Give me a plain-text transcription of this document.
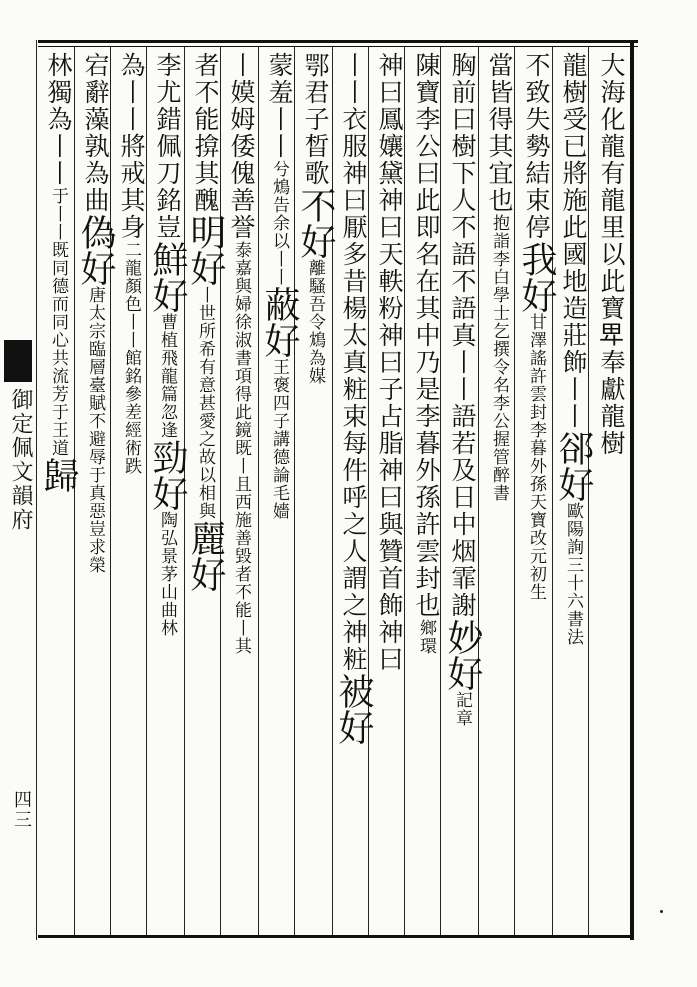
御定佩文韻府
四三
大海化龍有龍里以此寶𤰞奉獻龍樹
龍樹受已將施此國地造莊飾丨丨郤好歐陽詢三十六書法
不致失勢結束停我好甘澤謠許雲封李暮外孫天寶改元初生
當皆得其宜也抱詣李白學士乞撰令名李公握管醉書
胸前曰樹下人不語不語真丨丨語若及日中烟霏謝妙好記章
陳寶李公曰此即名在其中乃是李暮外孫許雲封也鄉環
神曰鳳孃黛神曰天軼粉神曰子占脂神曰與贊首飾神曰
丨丨衣服神曰厭多昔楊太真粧束每件呼之人謂之神粧被好
鄂君子晳歌不好離騷吾令鴆為媒
蒙羞丨丨兮鴆告余以丨丨蔽好王褒四子講德論毛嬙
丨嫫姆倭傀善誉泰嘉與婦徐淑書項得此鏡既丨且西施善毀者不能丨其
者不能揜其醜明好丨世所希有意甚愛之故以相與麗好
李尤錯佩刀銘豈鮮好曹植飛龍篇忽逢勁好陶弘景茅山曲林
為丨丨將戒其身二龍顏色丨丨館銘參差經術跌
宕辭藻孰為曲偽好唐太宗臨層臺賦不避辱于真惡豈求榮
林獨為丨丨于丨丨既同德而同心共流芳于王道歸
